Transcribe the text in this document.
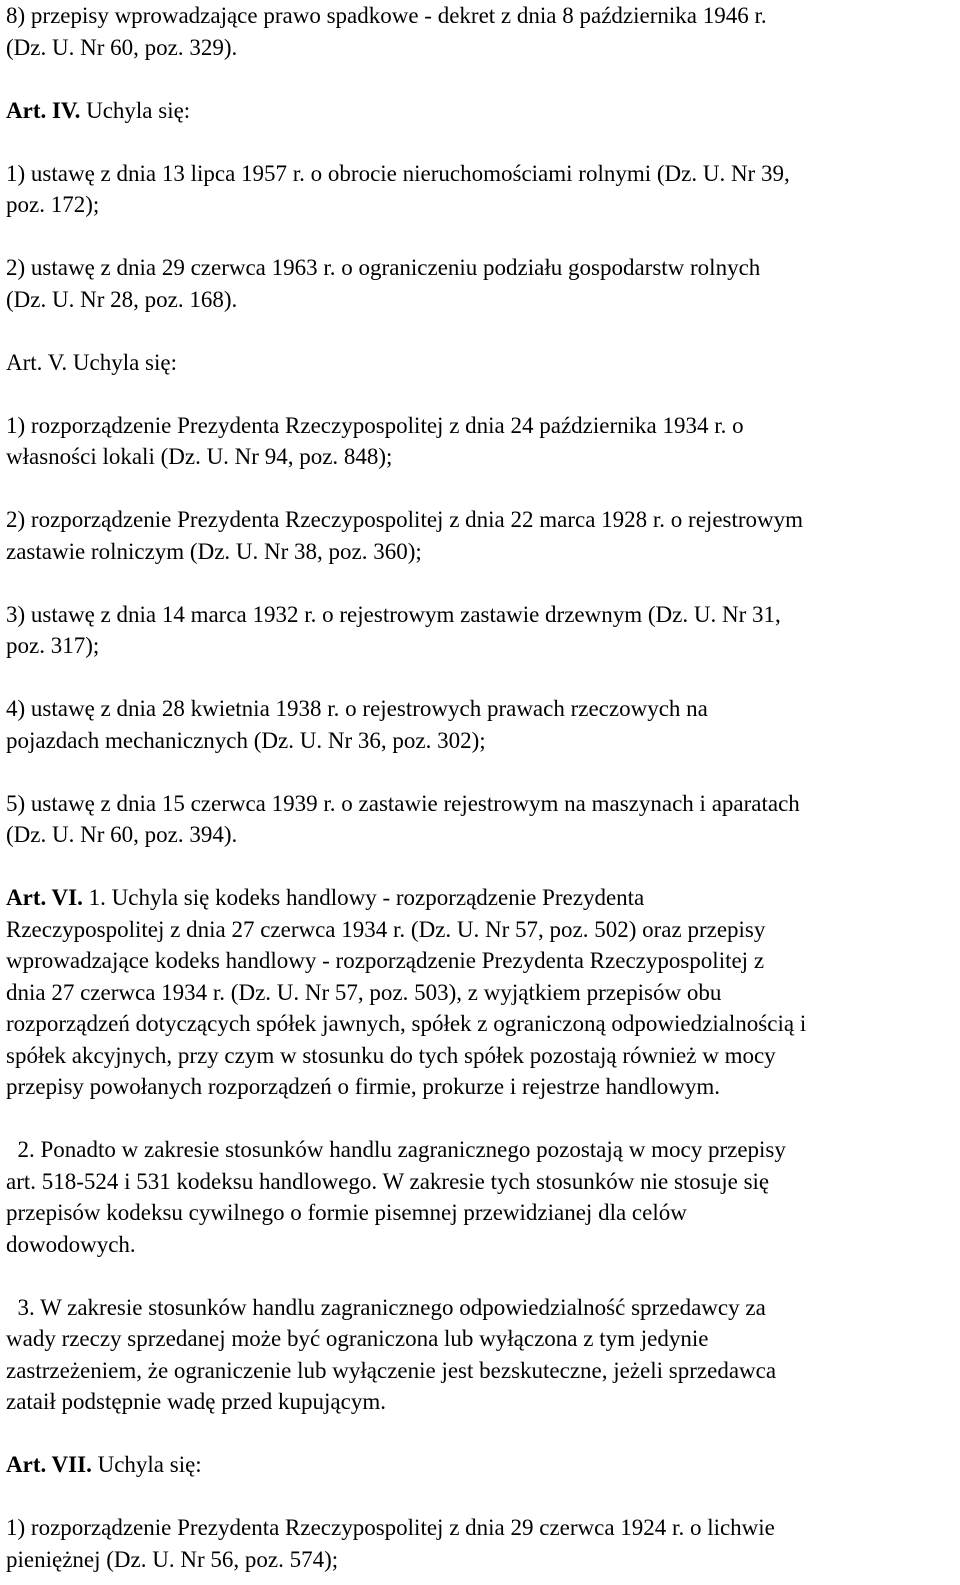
8) przepisy wprowadzające prawo spadkowe - dekret z dnia 8 października 1946 r.
(Dz. U. Nr 60, poz. 329).
Art. IV. Uchyla się:
1) ustawę z dnia 13 lipca 1957 r. o obrocie nieruchomościami rolnymi (Dz. U. Nr 39,
poz. 172);
2) ustawę z dnia 29 czerwca 1963 r. o ograniczeniu podziału gospodarstw rolnych
(Dz. U. Nr 28, poz. 168).
Art. V. Uchyla się:
1) rozporządzenie Prezydenta Rzeczypospolitej z dnia 24 października 1934 r. o
własności lokali (Dz. U. Nr 94, poz. 848);
2) rozporządzenie Prezydenta Rzeczypospolitej z dnia 22 marca 1928 r. o rejestrowym
zastawie rolniczym (Dz. U. Nr 38, poz. 360);
3) ustawę z dnia 14 marca 1932 r. o rejestrowym zastawie drzewnym (Dz. U. Nr 31,
poz. 317);
4) ustawę z dnia 28 kwietnia 1938 r. o rejestrowych prawach rzeczowych na
pojazdach mechanicznych (Dz. U. Nr 36, poz. 302);
5) ustawę z dnia 15 czerwca 1939 r. o zastawie rejestrowym na maszynach i aparatach
(Dz. U. Nr 60, poz. 394).
Art. VI. 1. Uchyla się kodeks handlowy - rozporządzenie Prezydenta
Rzeczypospolitej z dnia 27 czerwca 1934 r. (Dz. U. Nr 57, poz. 502) oraz przepisy
wprowadzające kodeks handlowy - rozporządzenie Prezydenta Rzeczypospolitej z
dnia 27 czerwca 1934 r. (Dz. U. Nr 57, poz. 503), z wyjątkiem przepisów obu
rozporządzeń dotyczących spółek jawnych, spółek z ograniczoną odpowiedzialnością i
spółek akcyjnych, przy czym w stosunku do tych spółek pozostają również w mocy
przepisy powołanych rozporządzeń o firmie, prokurze i rejestrze handlowym.
2. Ponadto w zakresie stosunków handlu zagranicznego pozostają w mocy przepisy
art. 518-524 i 531 kodeksu handlowego. W zakresie tych stosunków nie stosuje się
przepisów kodeksu cywilnego o formie pisemnej przewidzianej dla celów
dowodowych.
3. W zakresie stosunków handlu zagranicznego odpowiedzialność sprzedawcy za
wady rzeczy sprzedanej może być ograniczona lub wyłączona z tym jedynie
zastrzeżeniem, że ograniczenie lub wyłączenie jest bezskuteczne, jeżeli sprzedawca
zataił podstępnie wadę przed kupującym.
Art. VII. Uchyla się:
1) rozporządzenie Prezydenta Rzeczypospolitej z dnia 29 czerwca 1924 r. o lichwie
pieniężnej (Dz. U. Nr 56, poz. 574);
